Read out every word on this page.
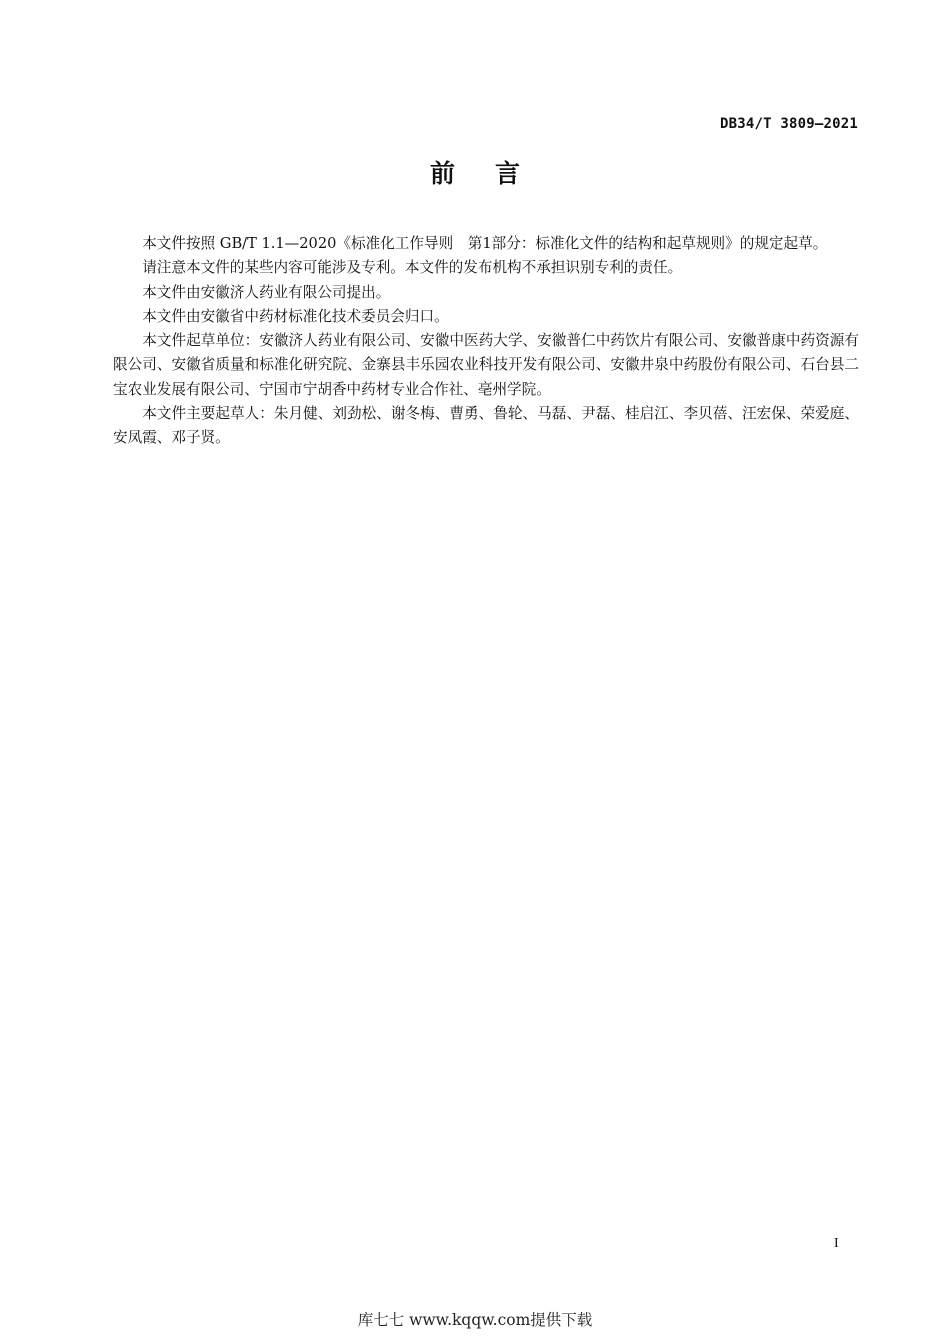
DB34/T 3809—2021
前言

本文件按照 GB/T 1.1—2020《标准化工作导则　第1部分：标准化文件的结构和起草规则》的规定起草。

请注意本文件的某些内容可能涉及专利。本文件的发布机构不承担识别专利的责任。

本文件由安徽济人药业有限公司提出。

本文件由安徽省中药材标准化技术委员会归口。

本文件起草单位：安徽济人药业有限公司、安徽中医药大学、安徽普仁中药饮片有限公司、安徽普康中药资源有限公司、安徽省质量和标准化研究院、金寨县丰乐园农业科技开发有限公司、安徽井泉中药股份有限公司、石台县二宝农业发展有限公司、宁国市宁胡香中药材专业合作社、亳州学院。

本文件主要起草人：朱月健、刘劲松、谢冬梅、曹勇、鲁轮、马磊、尹磊、桂启江、李贝蓓、汪宏保、荣爱庭、安凤霞、邓子贤。

I
库七七 www.kqqw.com提供下载
